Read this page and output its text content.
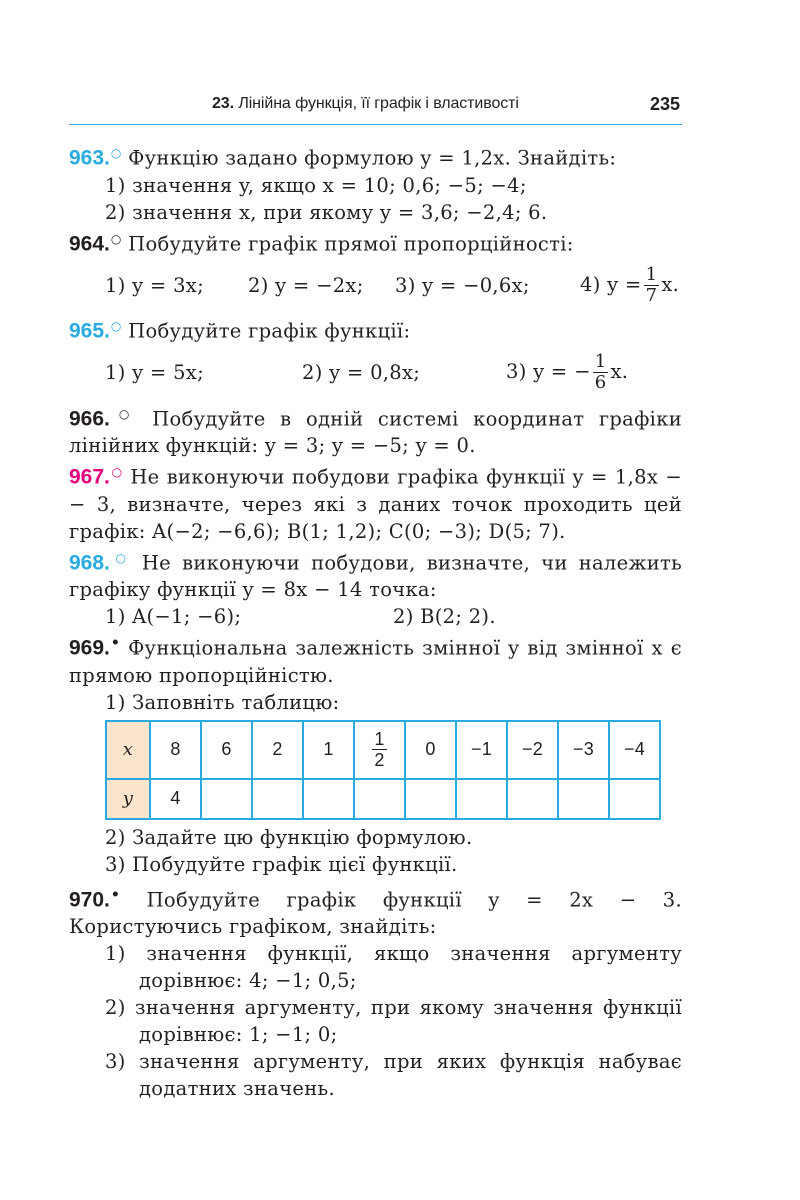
23. Лінійна функція, її графік і властивості	235

963.○ Функцію задано формулою y = 1,2x. Знайдіть:

1) значення y, якщо x = 10; 0,6; −5; −4;

2) значення x, при якому y = 3,6; −2,4; 6.

964.○ Побудуйте графік прямої пропорційності:

1) y = 3x;	2) y = −2x;	3) y = −0,6x;	4) $y = \frac{1}{7} x$.

965.○ Побудуйте графік функції:

1) y = 5x;	2) y = 0,8x;	3) y = − $\frac{1}{6} x$.

966.○ Побудуйте в одній системі координат графіки лінійних функцій: y = 3; y = −5; y = 0.

967.○ Не виконуючи побудови графіка функції y = 1,8x − − 3, визначте, через які з даних точок проходить цей графік: A(−2; −6,6); B(1; 1,2); C(0; −3); D(5; 7).

968.○ Не виконуючи побудови, визначте, чи належить графіку функції y = 8x − 14 точка:

1) A(−1; −6);	2) B(2; 2).

969.• Функціональна залежність змінної y від змінної x є прямою пропорційністю.

1) Заповніть таблицю:

x	8	6	2	1	$\frac{1}{2}$	0	−1	−2	−3	−4
y	4									

2) Задайте цю функцію формулою.

3) Побудуйте графік цієї функції.

970.• Побудуйте графік функції y = 2x − 3. Користуючись графіком, знайдіть:

1) значення функції, якщо значення аргументу дорівнює: 4; −1; 0,5;

2) значення аргументу, при якому значення функції дорівнює: 1; −1; 0;

3) значення аргументу, при яких функція набуває додатних значень.
